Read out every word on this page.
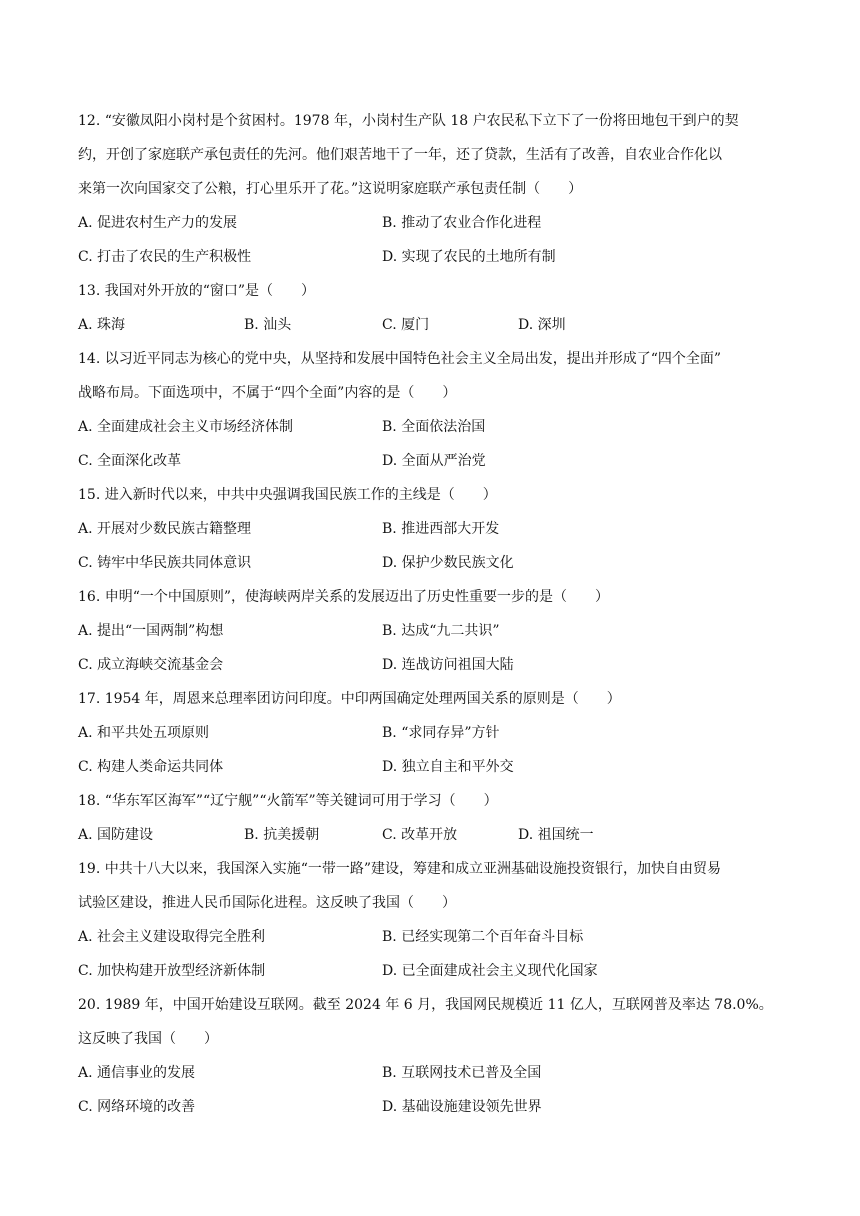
12. “安徽凤阳小岗村是个贫困村。1978 年，小岗村生产队 18 户农民私下立下了一份将田地包干到户的契
约，开创了家庭联产承包责任的先河。他们艰苦地干了一年，还了贷款，生活有了改善，自农业合作化以
来第一次向国家交了公粮，打心里乐开了花。”这说明家庭联产承包责任制（　　）
A. 促进农村生产力的发展	B. 推动了农业合作化进程
C. 打击了农民的生产积极性	D. 实现了农民的土地所有制
13. 我国对外开放的“窗口”是（　　）
A. 珠海	B. 汕头	C. 厦门	D. 深圳
14. 以习近平同志为核心的党中央，从坚持和发展中国特色社会主义全局出发，提出并形成了“四个全面”
战略布局。下面选项中，不属于“四个全面”内容的是（　　）
A. 全面建成社会主义市场经济体制	B. 全面依法治国
C. 全面深化改革	D. 全面从严治党
15. 进入新时代以来，中共中央强调我国民族工作的主线是（　　）
A. 开展对少数民族古籍整理	B. 推进西部大开发
C. 铸牢中华民族共同体意识	D. 保护少数民族文化
16. 申明“一个中国原则”，使海峡两岸关系的发展迈出了历史性重要一步的是（　　）
A. 提出“一国两制”构想	B. 达成“九二共识”
C. 成立海峡交流基金会	D. 连战访问祖国大陆
17. 1954 年，周恩来总理率团访问印度。中印两国确定处理两国关系的原则是（　　）
A. 和平共处五项原则	B. “求同存异”方针
C. 构建人类命运共同体	D. 独立自主和平外交
18. “华东军区海军”“辽宁舰”“火箭军”等关键词可用于学习（　　）
A. 国防建设	B. 抗美援朝	C. 改革开放	D. 祖国统一
19. 中共十八大以来，我国深入实施“一带一路”建设，筹建和成立亚洲基础设施投资银行，加快自由贸易
试验区建设，推进人民币国际化进程。这反映了我国（　　）
A. 社会主义建设取得完全胜利	B. 已经实现第二个百年奋斗目标
C. 加快构建开放型经济新体制	D. 已全面建成社会主义现代化国家
20. 1989 年，中国开始建设互联网。截至 2024 年 6 月，我国网民规模近 11 亿人，互联网普及率达 78.0%。
这反映了我国（　　）
A. 通信事业的发展	B. 互联网技术已普及全国
C. 网络环境的改善	D. 基础设施建设领先世界
